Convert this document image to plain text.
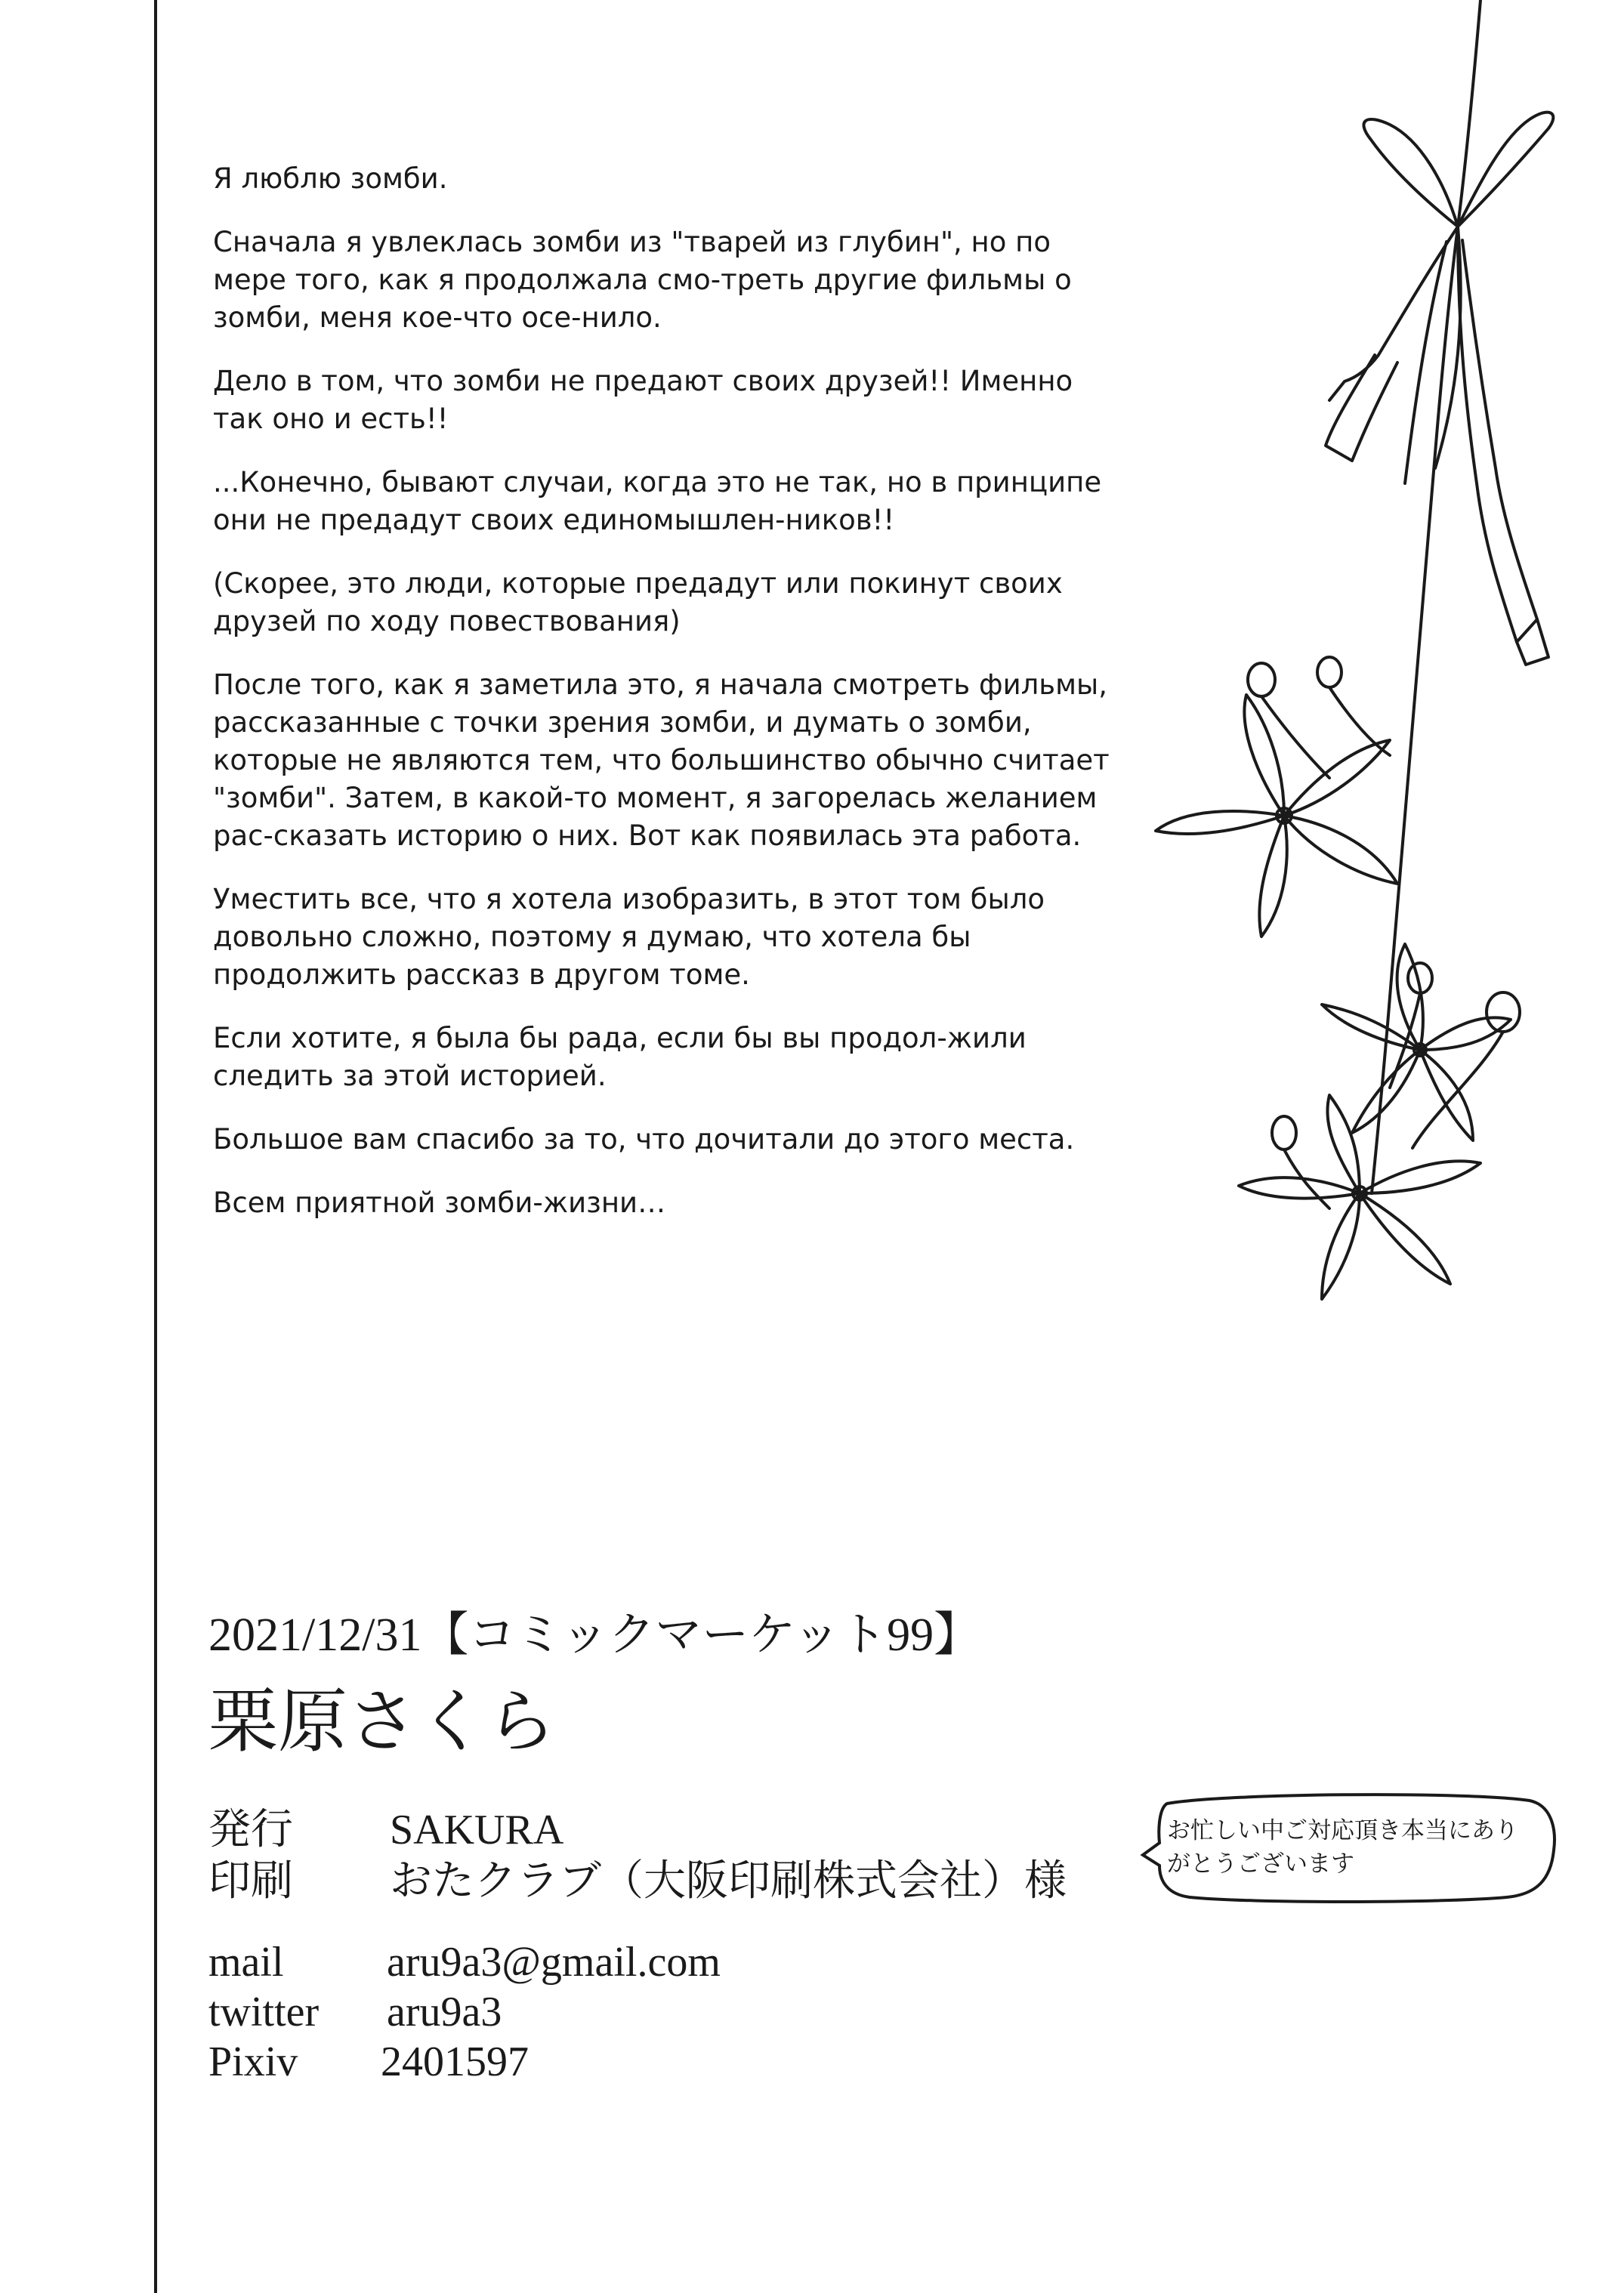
Я люблю зомби.

Сначала я увлеклась зомби из "тварей из глубин", но по мере того, как я продолжала смо-треть другие фильмы о зомби, меня кое-что осе-нило.

Дело в том, что зомби не предают своих друзей!! Именно так оно и есть!!

...Конечно, бывают случаи, когда это не так, но в принципе они не предадут своих единомышлен-ников!!

(Скорее, это люди, которые предадут или покинут своих друзей по ходу повествования)

После того, как я заметила это, я начала смотреть фильмы, рассказанные с точки зрения зомби, и думать о зомби, которые не являются тем, что большинство обычно считает "зомби". Затем, в какой-то момент, я загорелась желанием рас-сказать историю о них. Вот как появилась эта работа.

Уместить все, что я хотела изобразить, в этот том было довольно сложно, поэтому я думаю, что хотела бы продолжить рассказ в другом томе.

Если хотите, я была бы рада, если бы вы продол-жили следить за этой историей.

Большое вам спасибо за то, что дочитали до этого места.

Всем приятной зомби-жизни…

2021/12/31【コミックマーケット99】
栗原さくら
発行 SAKURA
印刷 おたクラブ（大阪印刷株式会社）様
mail aru9a3@gmail.com
twitter aru9a3
Pixiv 2401597
お忙しい中ご対応頂き本当にありがとうございます
